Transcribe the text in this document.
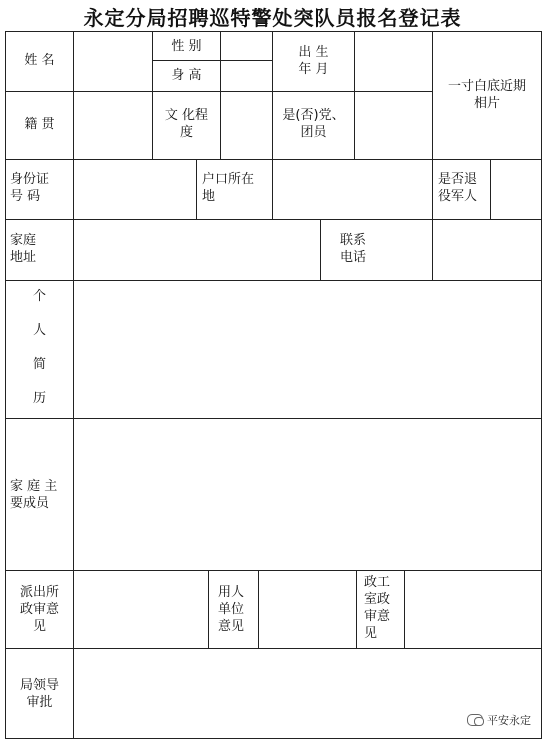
永定分局招聘巡特警处突队员报名登记表
姓 名
性 别
身 高
出 生
年 月
一寸白底近期
相片
籍 贯
文 化程
度
是(否)党、
团员
身份证
号 码
户口所在
地
是否退
役军人
家庭
地址
联系
电话
个

人

简

历
家 庭 主
要成员
派出所
政审意
见
用人
单位
意见
政工
室政
审意
见
局领导
审批
平安永定
